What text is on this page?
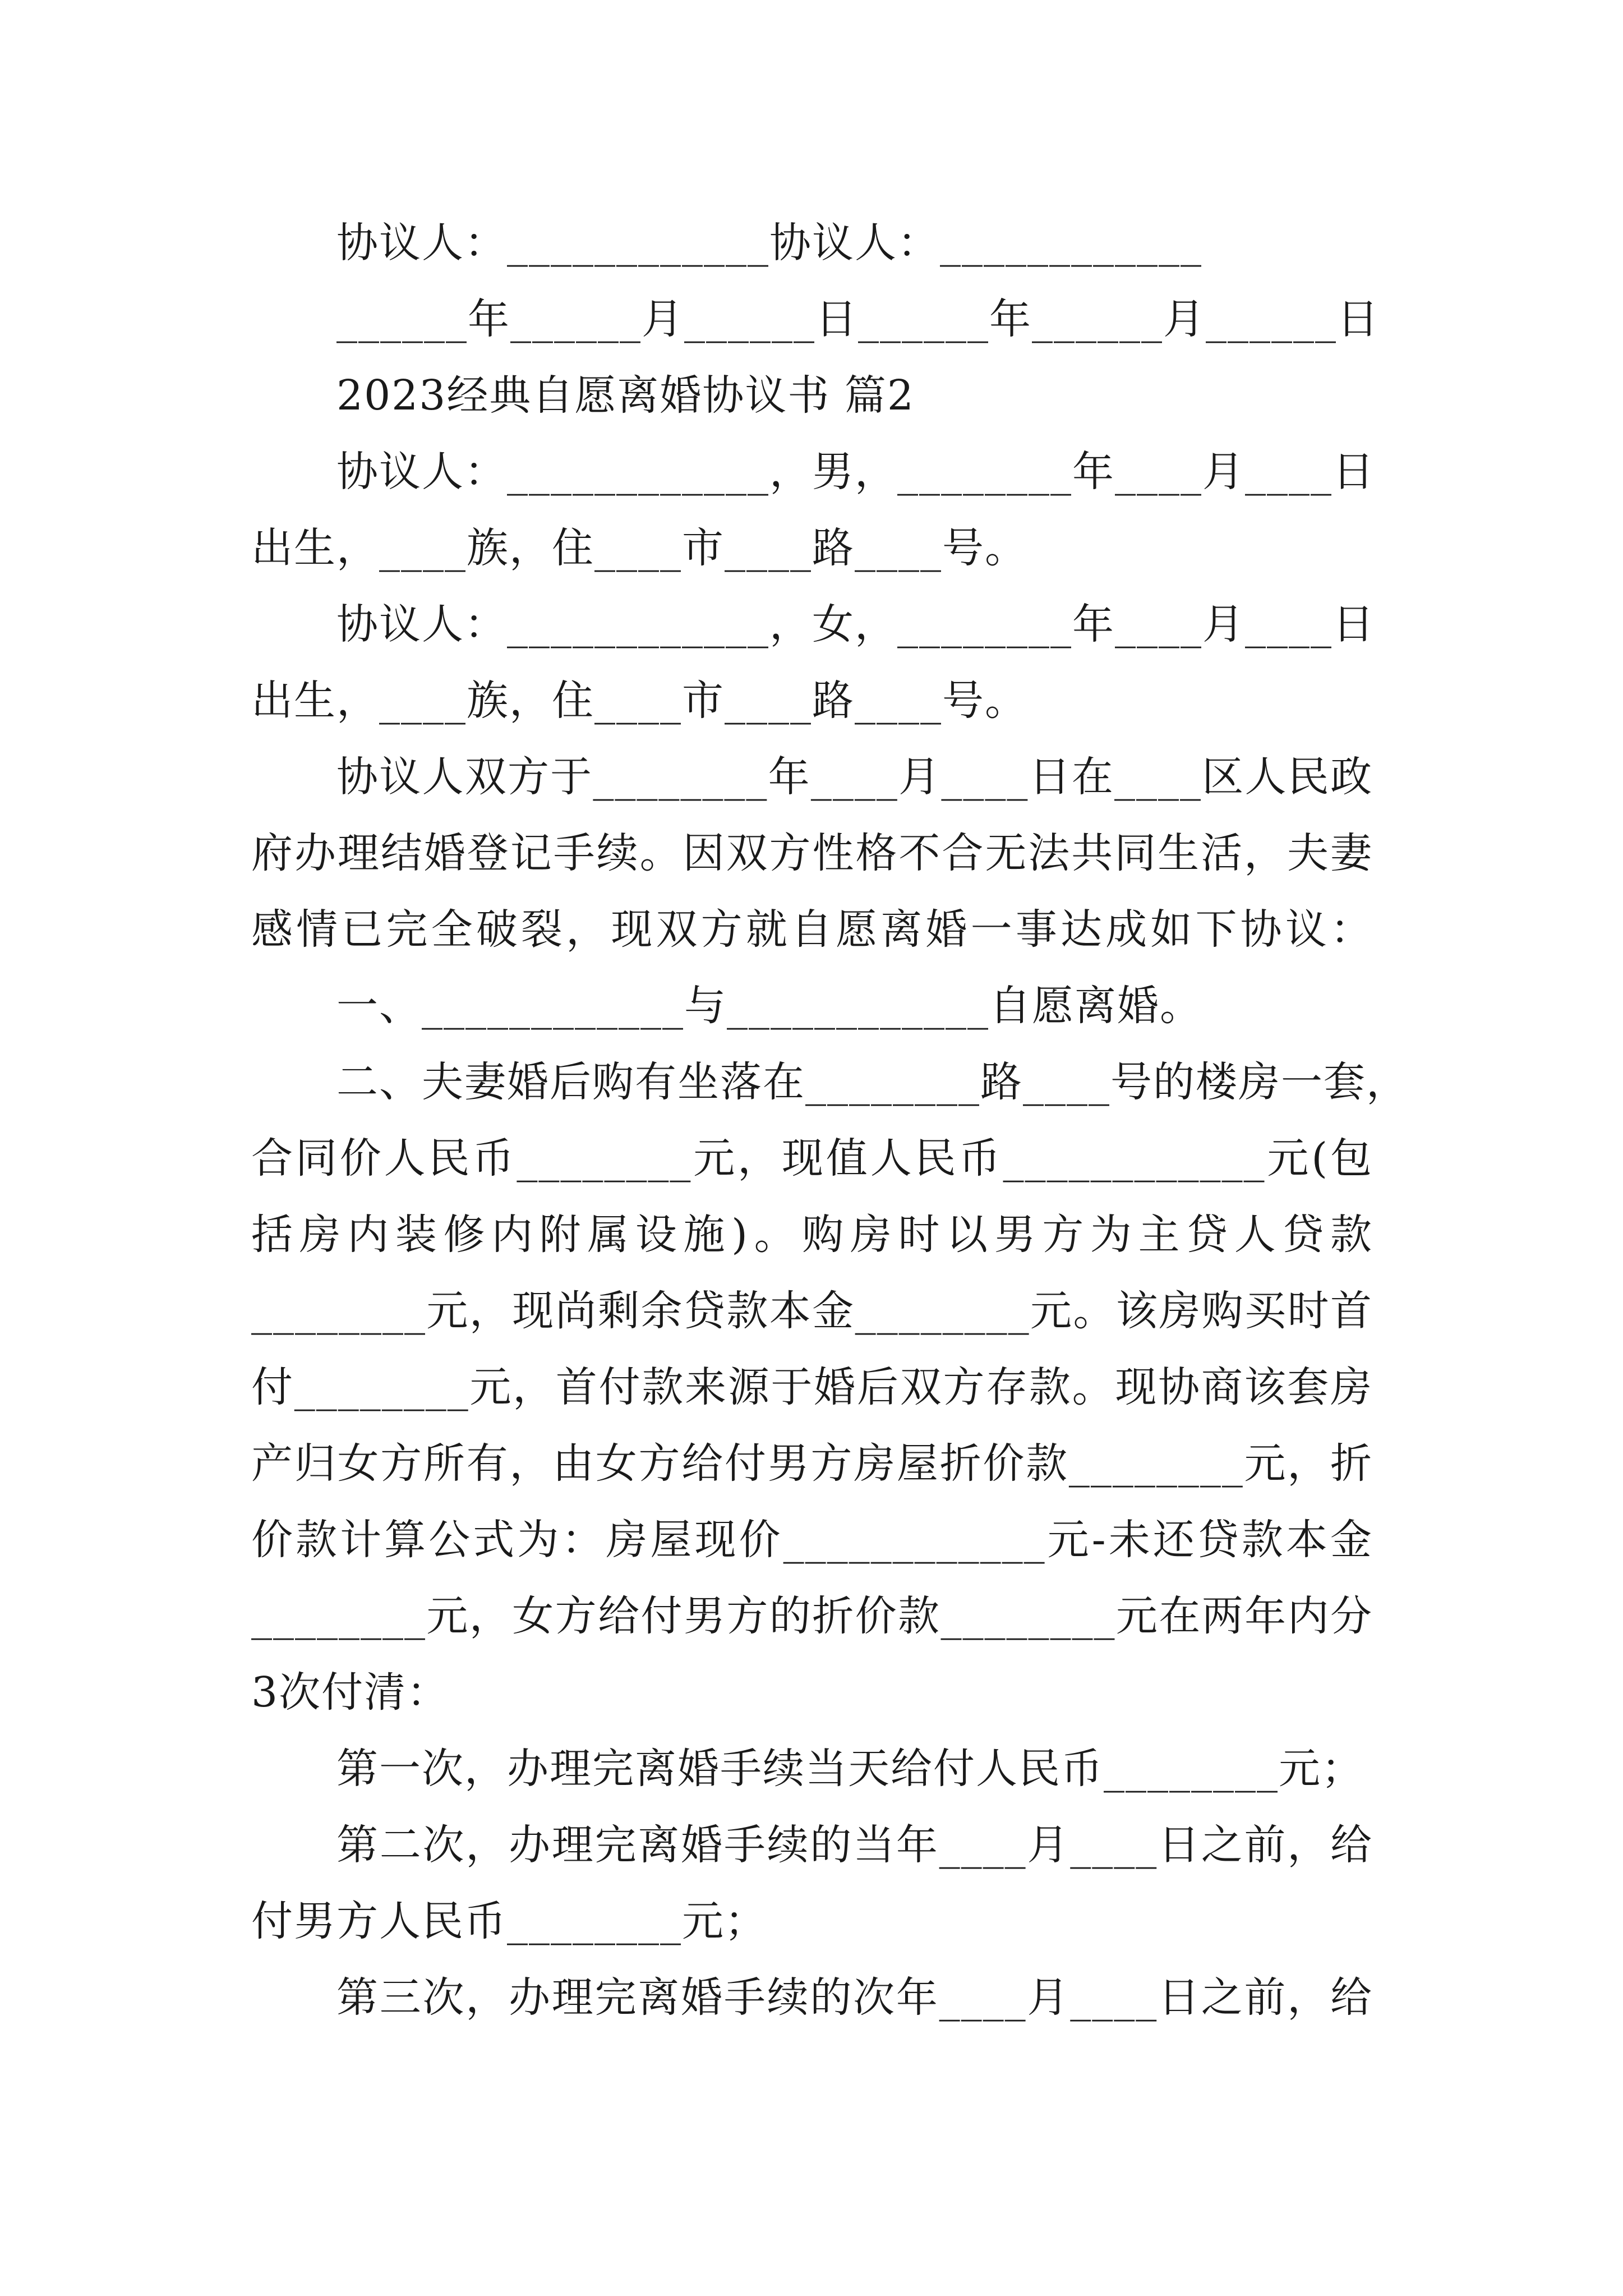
协议人：____________协议人：____________
______年______月______日______年______月______日
2023经典自愿离婚协议书 篇2
协议人：____________，男，________年____月____日
出生，____族，住____市____路____号。
协议人：____________，女，________年____月____日
出生，____族，住____市____路____号。
协议人双方于________年____月____日在____区人民政
府办理结婚登记手续。因双方性格不合无法共同生活，夫妻
感情已完全破裂，现双方就自愿离婚一事达成如下协议：
一、____________与____________自愿离婚。
二、夫妻婚后购有坐落在________路____号的楼房一套，
合同价人民币________元，现值人民币____________元(包
括房内装修内附属设施)。购房时以男方为主贷人贷款
________元，现尚剩余贷款本金________元。该房购买时首
付________元，首付款来源于婚后双方存款。现协商该套房
产归女方所有，由女方给付男方房屋折价款________元，折
价款计算公式为：房屋现价____________元-未还贷款本金
________元，女方给付男方的折价款________元在两年内分
3次付清：
第一次，办理完离婚手续当天给付人民币________元；
第二次，办理完离婚手续的当年____月____日之前，给
付男方人民币________元；
第三次，办理完离婚手续的次年____月____日之前，给
